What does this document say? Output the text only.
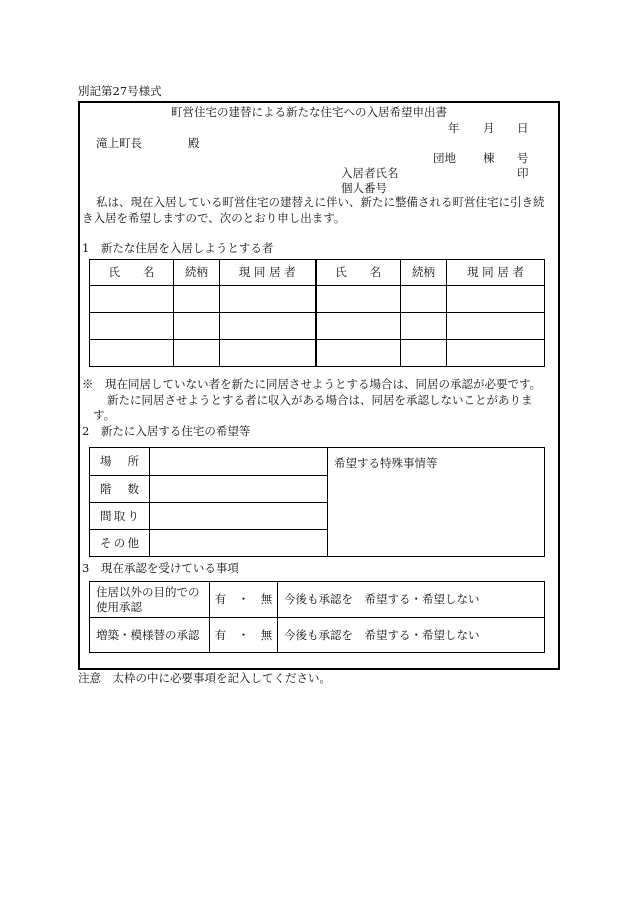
別記第27号様式
町営住宅の建替による新たな住宅への入居希望申出書
年 月 日
滝上町長	殿
団地 棟 号
入居者氏名	印
個人番号
私は、現在入居している町営住宅の建替えに伴い、新たに整備される町営住宅に引き続
き入居を希望しますので、次のとおり申し出ます。
1　新たな住居を入居しようとする者
氏　　名	続柄	現 同 居 者	氏　　名	続柄	現 同 居 者

※　現在同居していない者を新たに同居させようとする場合は、同居の承認が必要です。
新たに同居させようとする者に収入がある場合は、同居を承認しないことがありま
す。
2　新たに入居する住宅の希望等
場所		希望する特殊事情等
階数		
間取り		
その他		
3　現在承認を受けている事項
住居以外の目的での
使用承認	有　・　無	今後も承認を　希望する・希望しない
増築・模様替の承認	有　・　無	今後も承認を　希望する・希望しない
注意　太枠の中に必要事項を記入してください。
